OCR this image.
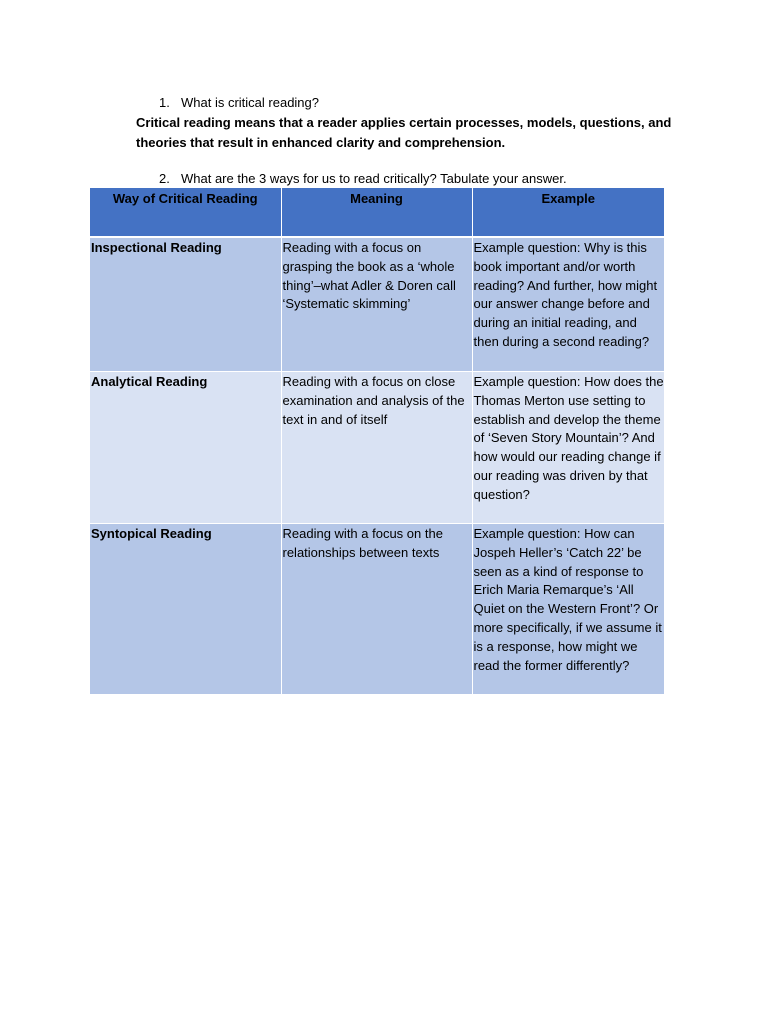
1. What is critical reading?
Critical reading means that a reader applies certain processes, models, questions, and theories that result in enhanced clarity and comprehension.
2. What are the 3 ways for us to read critically? Tabulate your answer.
Way of Critical Reading	Meaning	Example
Inspectional Reading	Reading with a focus on grasping the book as a ‘whole thing’–what Adler & Doren call ‘Systematic skimming’	Example question: Why is this book important and/or worth reading? And further, how might our answer change before and during an initial reading, and then during a second reading?
Analytical Reading	Reading with a focus on close examination and analysis of the text in and of itself	Example question: How does the Thomas Merton use setting to establish and develop the theme of ‘Seven Story Mountain’? And how would our reading change if our reading was driven by that question?
Syntopical Reading	Reading with a focus on the relationships between texts	Example question: How can Jospeh Heller’s ‘Catch 22’ be seen as a kind of response to Erich Maria Remarque’s ‘All Quiet on the Western Front’? Or more specifically, if we assume it is a response, how might we read the former differently?
